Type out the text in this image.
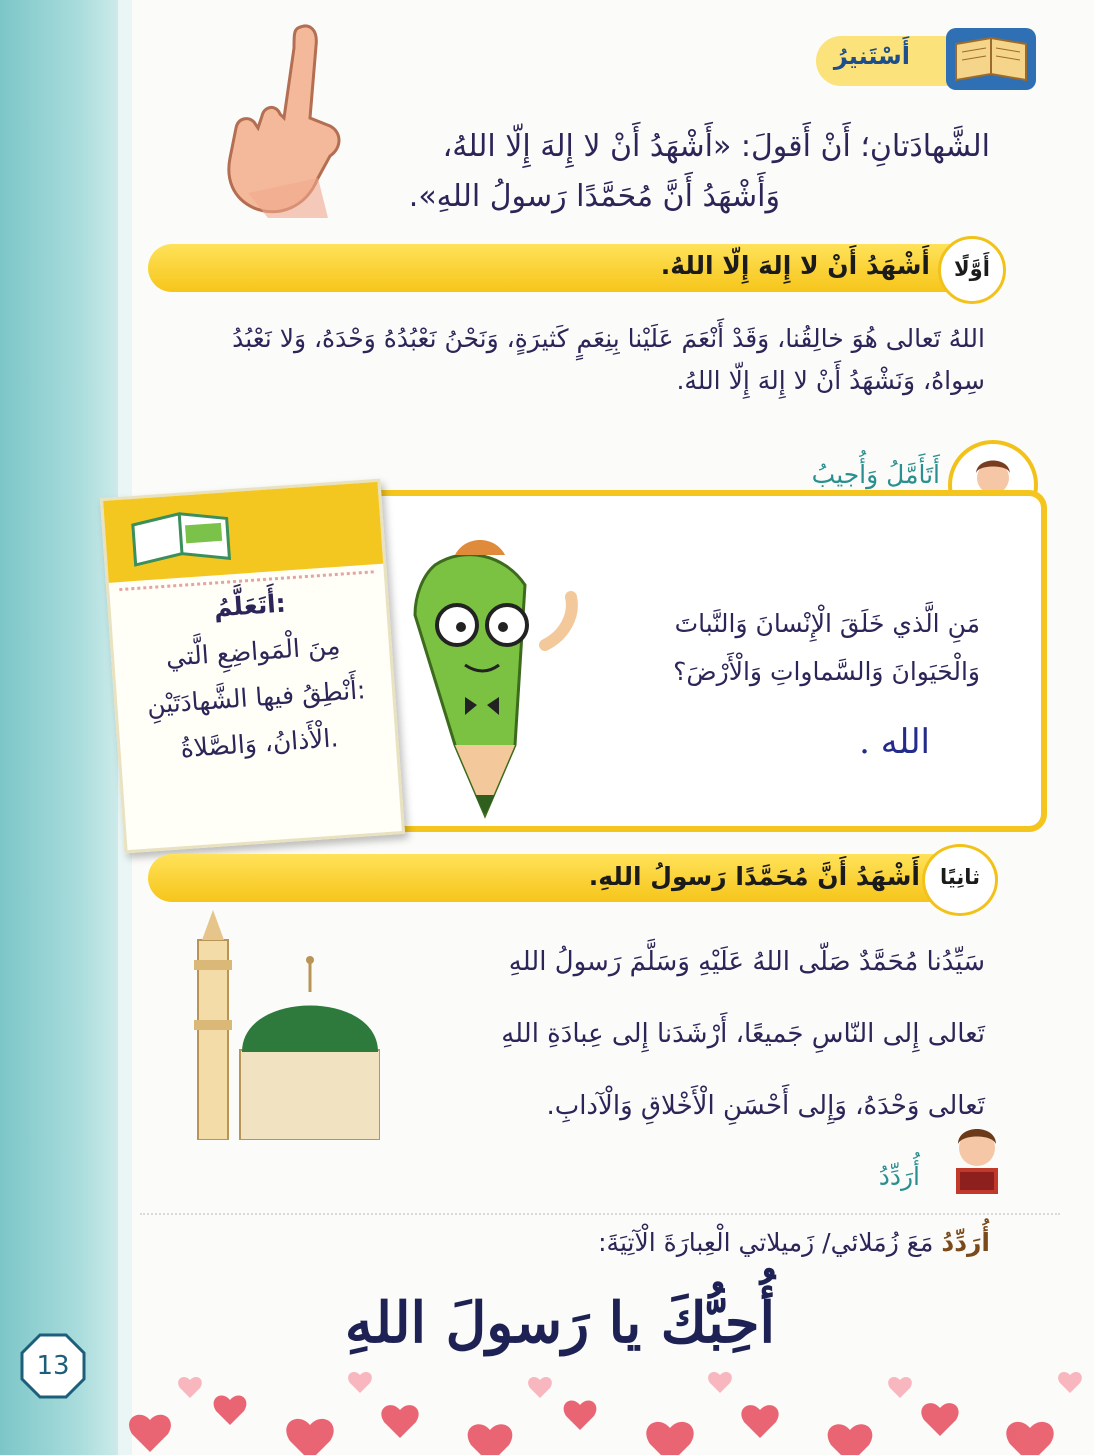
13
أَسْتَنيرُ
الشَّهادَتانِ؛ أَنْ أَقولَ: «أَشْهَدُ أَنْ لا إِلهَ إِلّا اللهُ،
وَأَشْهَدُ أَنَّ مُحَمَّدًا رَسولُ اللهِ».
أَوَّلًا
أَشْهَدُ أَنْ لا إِلهَ إِلّا اللهُ.
اللهُ تَعالى هُوَ خالِقُنا، وَقَدْ أَنْعَمَ عَلَيْنا بِنِعَمٍ كَثيرَةٍ، وَنَحْنُ نَعْبُدُهُ وَحْدَهُ، وَلا نَعْبُدُ سِواهُ، وَنَشْهَدُ أَنْ لا إِلهَ إِلّا اللهُ.
أَتَأَمَّلُ وَأُجيبُ
مَنِ الَّذي خَلَقَ الْإِنْسانَ وَالنَّباتَ
وَالْحَيَوانَ وَالسَّماواتِ وَالْأَرْضَ؟
الله .
أَتَعَلَّمُ:
مِنَ الْمَواضِعِ الَّتي
أَنْطِقُ فيها الشَّهادَتَيْنِ:
الْأَذانُ، وَالصَّلاةُ.
ثانِيًا
أَشْهَدُ أَنَّ مُحَمَّدًا رَسولُ اللهِ.
سَيِّدُنا مُحَمَّدٌ صَلّى اللهُ عَلَيْهِ وَسَلَّمَ رَسولُ اللهِ
تَعالى إِلى النّاسِ جَميعًا، أَرْشَدَنا إِلى عِبادَةِ اللهِ
تَعالى وَحْدَهُ، وَإِلى أَحْسَنِ الْأَخْلاقِ وَالْآدابِ.
أُرَدِّدُ
أُرَدِّدُ مَعَ زُمَلائي/ زَميلاتي الْعِبارَةَ الْآتِيَةَ:
أُحِبُّكَ يا رَسولَ اللهِ
